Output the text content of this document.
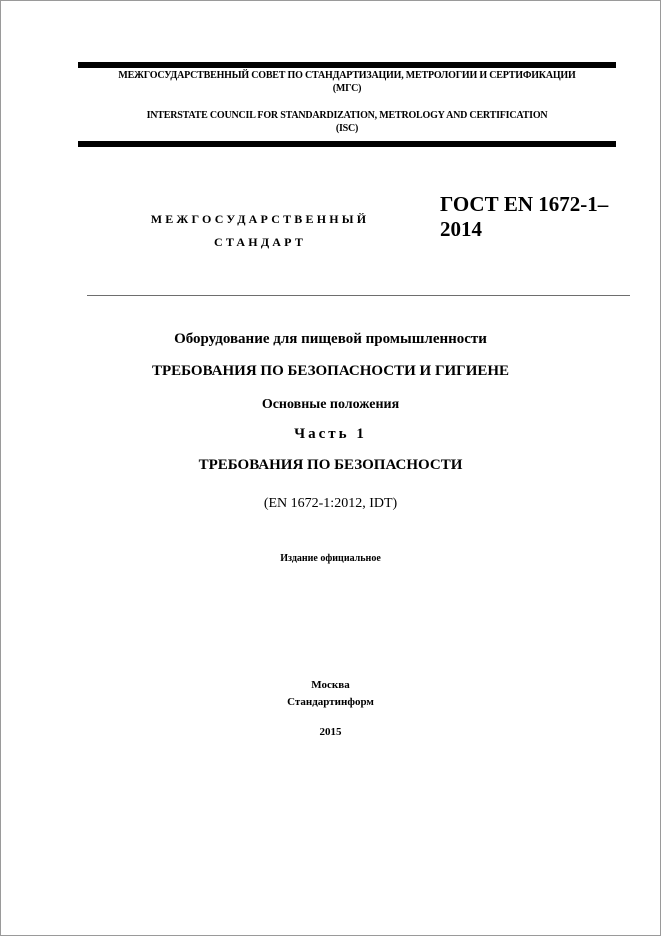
МЕЖГОСУДАРСТВЕННЫЙ СОВЕТ ПО СТАНДАРТИЗАЦИИ, МЕТРОЛОГИИ И СЕРТИФИКАЦИИ
(МГС)
INTERSTATE COUNCIL FOR STANDARDIZATION, METROLOGY AND CERTIFICATION
(ISC)
МЕЖГОСУДАРСТВЕННЫЙ
СТАНДАРТ
ГОСТ EN 1672-1–
2014
Оборудование для пищевой промышленности
ТРЕБОВАНИЯ ПО БЕЗОПАСНОСТИ И ГИГИЕНЕ
Основные положения
Часть 1
ТРЕБОВАНИЯ ПО БЕЗОПАСНОСТИ
(EN 1672-1:2012, IDT)
Издание официальное
Москва
Стандартинформ
2015
